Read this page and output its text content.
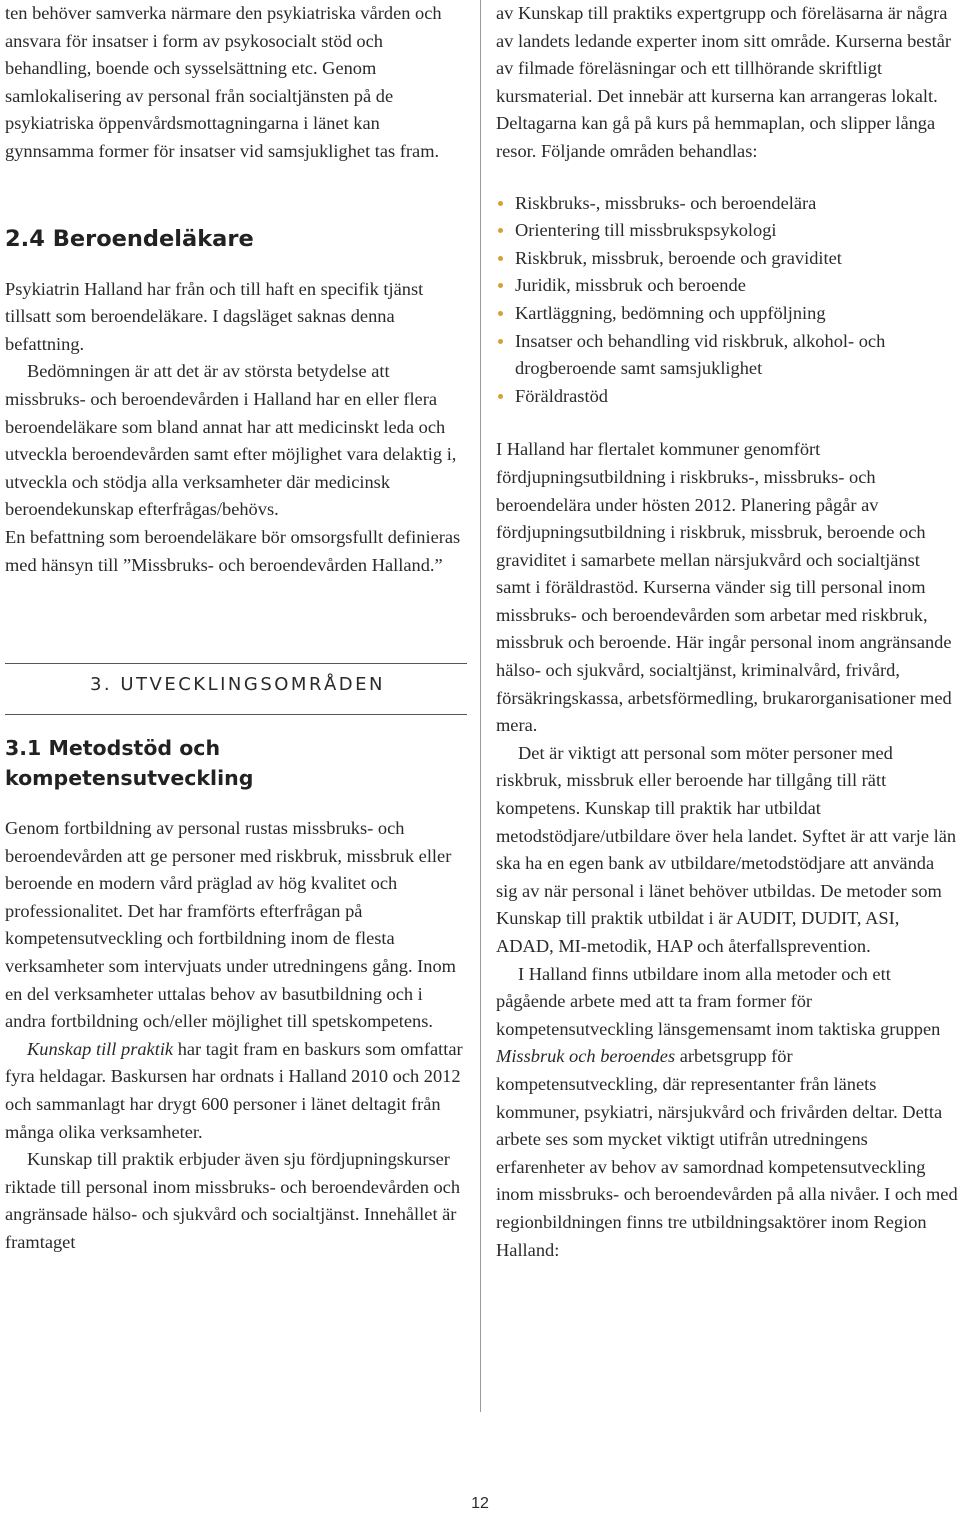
ten behöver samverka närmare den psykiatriska vården och ansvara för insatser i form av psykosocialt stöd och behandling, boende och sysselsättning etc. Genom samlokalisering av personal från socialtjänsten på de psykiatriska öppenvårdsmottagningarna i länet kan gynnsamma former för insatser vid samsjuklighet tas fram.

2.4 Beroendeläkare

Psykiatrin Halland har från och till haft en specifik tjänst tillsatt som beroendeläkare. I dagsläget saknas denna befattning.

Bedömningen är att det är av största betydelse att missbruks- och beroendevården i Halland har en eller flera beroendeläkare som bland annat har att medicinskt leda och utveckla beroendevården samt efter möjlighet vara delaktig i, utveckla och stödja alla verksamheter där medicinsk beroendekunskap efterfrågas/behövs.

En befattning som beroendeläkare bör omsorgsfullt definieras med hänsyn till ”Missbruks- och beroendevården Halland.”

3. UTVECKLINGSOMRÅDEN
3.1 Metodstöd och kompetensutveckling

Genom fortbildning av personal rustas missbruks- och beroendevården att ge personer med riskbruk, missbruk eller beroende en modern vård präglad av hög kvalitet och professionalitet. Det har framförts efterfrågan på kompetensutveckling och fortbildning inom de flesta verksamheter som intervjuats under utredningens gång. Inom en del verksamheter uttalas behov av basutbildning och i andra fortbildning och/eller möjlighet till spetskompetens.

Kunskap till praktik har tagit fram en baskurs som omfattar fyra heldagar. Baskursen har ordnats i Halland 2010 och 2012 och sammanlagt har drygt 600 personer i länet deltagit från många olika verksamheter.

Kunskap till praktik erbjuder även sju fördjupningskurser riktade till personal inom missbruks- och beroendevården och angränsade hälso- och sjukvård och socialtjänst. Innehållet är framtaget

av Kunskap till praktiks expertgrupp och föreläsarna är några av landets ledande experter inom sitt område. Kurserna består av filmade föreläsningar och ett tillhörande skriftligt kursmaterial. Det innebär att kurserna kan arrangeras lokalt. Deltagarna kan gå på kurs på hemmaplan, och slipper långa resor. Följande områden behandlas:

Riskbruks-, missbruks- och beroendelära
Orientering till missbrukspsykologi
Riskbruk, missbruk, beroende och graviditet
Juridik, missbruk och beroende
Kartläggning, bedömning och uppföljning
Insatser och behandling vid riskbruk, alkohol- och drogberoende samt samsjuklighet
Föräldrastöd

I Halland har flertalet kommuner genomfört fördjupningsutbildning i riskbruks-, missbruks- och beroendelära under hösten 2012. Planering pågår av fördjupningsutbildning i riskbruk, missbruk, beroende och graviditet i samarbete mellan närsjukvård och socialtjänst samt i föräldrastöd. Kurserna vänder sig till personal inom missbruks- och beroendevården som arbetar med riskbruk, missbruk och beroende. Här ingår personal inom angränsande hälso- och sjukvård, socialtjänst, kriminalvård, frivård, försäkringskassa, arbetsförmedling, brukarorganisationer med mera.

Det är viktigt att personal som möter personer med riskbruk, missbruk eller beroende har tillgång till rätt kompetens. Kunskap till praktik har utbildat metodstödjare/utbildare över hela landet. Syftet är att varje län ska ha en egen bank av utbildare/metodstödjare att använda sig av när personal i länet behöver utbildas. De metoder som Kunskap till praktik utbildat i är AUDIT, DUDIT, ASI, ADAD, MI-metodik, HAP och återfallsprevention.

I Halland finns utbildare inom alla metoder och ett pågående arbete med att ta fram former för kompetensutveckling länsgemensamt inom taktiska gruppen Missbruk och beroendes arbetsgrupp för kompetensutveckling, där representanter från länets kommuner, psykiatri, närsjukvård och frivården deltar. Detta arbete ses som mycket viktigt utifrån utredningens erfarenheter av behov av samordnad kompetensutveckling inom missbruks- och beroendevården på alla nivåer. I och med regionbildningen finns tre utbildningsaktörer inom Region Halland:

12
